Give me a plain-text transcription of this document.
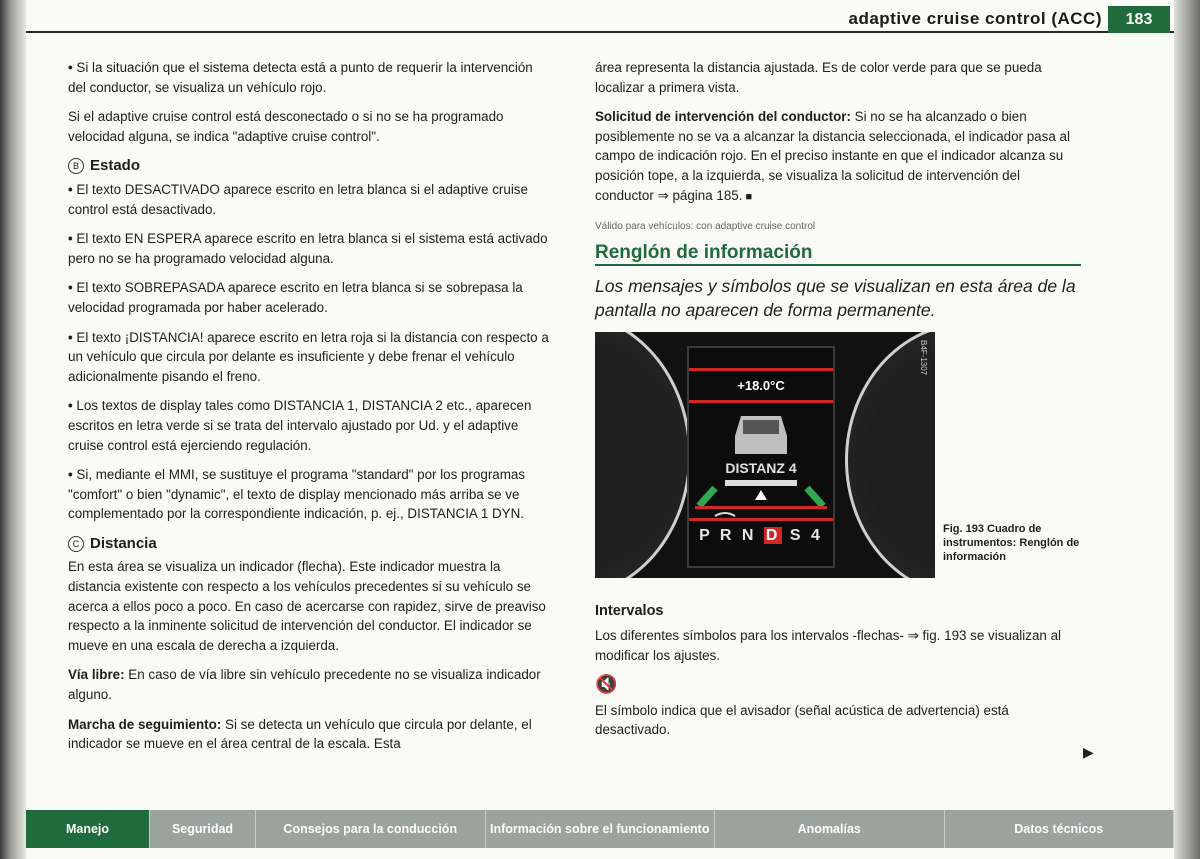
adaptive cruise control (ACC)	183

• Si la situación que el sistema detecta está a punto de requerir la intervención del conductor, se visualiza un vehículo rojo.

Si el adaptive cruise control está desconectado o si no se ha programado velocidad alguna, se indica "adaptive cruise control".

B Estado

• El texto DESACTIVADO aparece escrito en letra blanca si el adaptive cruise control está desactivado.

• El texto EN ESPERA aparece escrito en letra blanca si el sistema está activado pero no se ha programado velocidad alguna.

• El texto SOBREPASADA aparece escrito en letra blanca si se sobrepasa la velocidad programada por haber acelerado.

• El texto ¡DISTANCIA! aparece escrito en letra roja si la distancia con respecto a un vehículo que circula por delante es insuficiente y debe frenar el vehículo adicionalmente pisando el freno.

• Los textos de display tales como DISTANCIA 1, DISTANCIA 2 etc., aparecen escritos en letra verde si se trata del intervalo ajustado por Ud. y el adaptive cruise control está ejerciendo regulación.

• Si, mediante el MMI, se sustituye el programa "standard" por los programas "comfort" o bien "dynamic", el texto de display mencionado más arriba se ve complementado por la correspondiente indicación, p. ej., DISTANCIA 1 DYN.

C Distancia

En esta área se visualiza un indicador (flecha). Este indicador muestra la distancia existente con respecto a los vehículos precedentes si su vehículo se acerca a ellos poco a poco. En caso de acercarse con rapidez, sirve de preaviso respecto a la inminente solicitud de intervención del conductor. El indicador se mueve en una escala de derecha a izquierda.

Vía libre: En caso de vía libre sin vehículo precedente no se visualiza indicador alguno.

Marcha de seguimiento: Si se detecta un vehículo que circula por delante, el indicador se mueve en el área central de la escala. Esta

área representa la distancia ajustada. Es de color verde para que se pueda localizar a primera vista.

Solicitud de intervención del conductor: Si no se ha alcanzado o bien posiblemente no se va a alcanzar la distancia seleccionada, el indicador pasa al campo de indicación rojo. En el preciso instante en que el indicador alcanza su posición tope, a la izquierda, se visualiza la solicitud de intervención del conductor ⇒ página 185. ■

Válido para vehículos: con adaptive cruise control
Renglón de información
Los mensajes y símbolos que se visualizan en esta área de la pantalla no aparecen de forma permanente.
+18.0°C
DISTANZ 4
P R N D S 4
B4F-1307
Fig. 193 Cuadro de instrumentos: Renglón de información
Intervalos

Los diferentes símbolos para los intervalos -flechas- ⇒ fig. 193 se visualizan al modificar los ajustes.

🔇

El símbolo indica que el avisador (señal acústica de advertencia) está desactivado.

▶
Manejo	Seguridad	Consejos para la conducción	Información sobre el funcionamiento	Anomalías	Datos técnicos
